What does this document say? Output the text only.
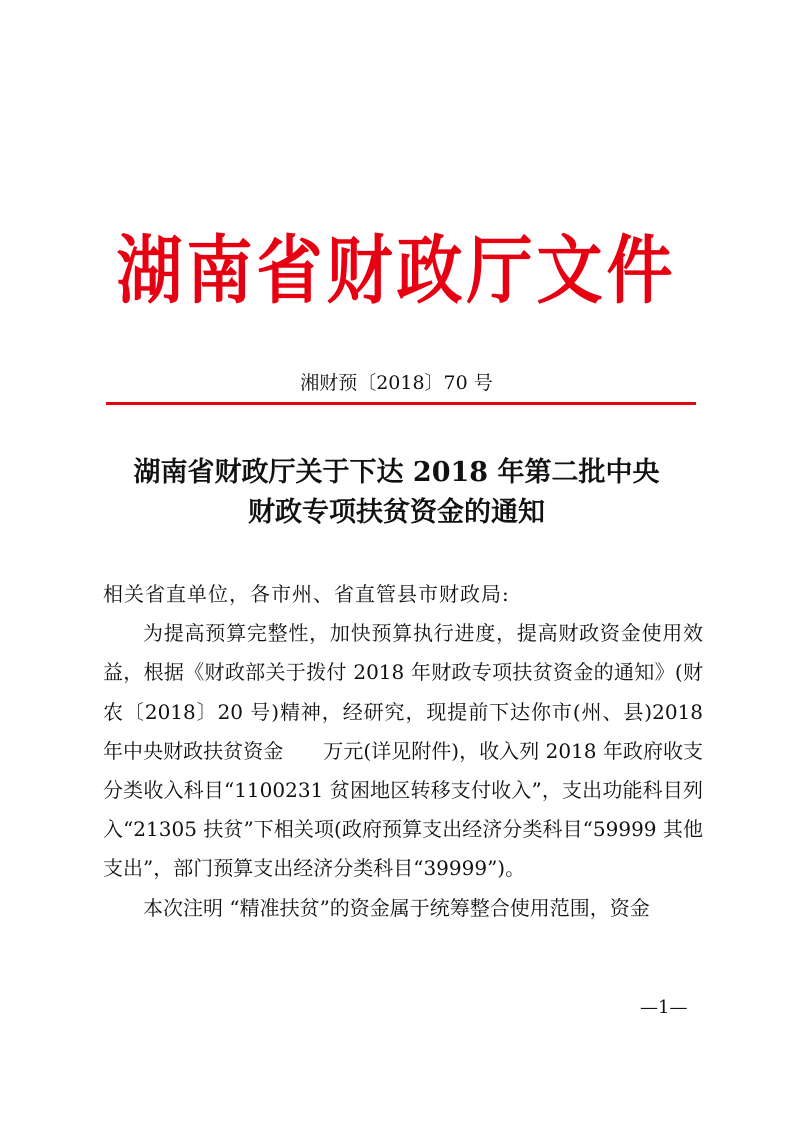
湖南省财政厅文件
湘财预〔2018〕70 号
湖南省财政厅关于下达 2018 年第二批中央
财政专项扶贫资金的通知

相关省直单位，各市州、省直管县市财政局:

为提高预算完整性，加快预算执行进度，提高财政资金使用效益，根据《财政部关于拨付 2018 年财政专项扶贫资金的通知》(财农〔2018〕20 号)精神，经研究，现提前下达你市(州、县)2018 年中央财政扶贫资金　　万元(详见附件)，收入列 2018 年政府收支分类收入科目“1100231 贫困地区转移支付收入”，支出功能科目列入“21305 扶贫”下相关项(政府预算支出经济分类科目“59999 其他支出”，部门预算支出经济分类科目“39999”)。

本次注明 “精准扶贫”的资金属于统筹整合使用范围，资金

—1—
